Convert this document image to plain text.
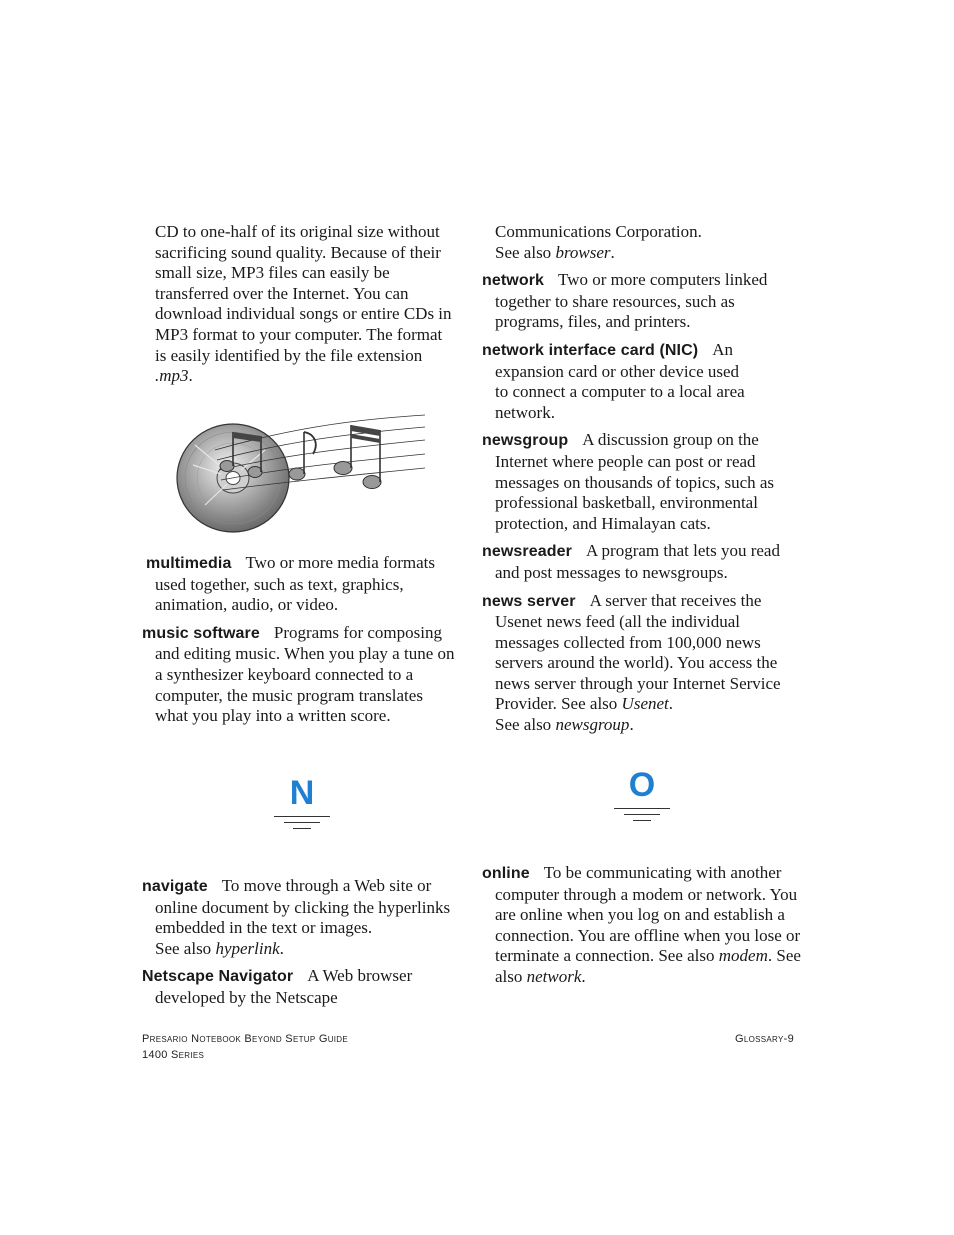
CD to one-half of its original size without sacrificing sound quality. Because of their small size, MP3 files can easily be transferred over the Internet. You can download individual songs or entire CDs in MP3 format to your computer. The format is easily identified by the file extension .mp3.

multimedia Two or more media formats used together, such as text, graphics, animation, audio, or video.

music software Programs for composing and editing music. When you play a tune on a synthesizer keyboard connected to a computer, the music program translates what you play into a written score.

N

navigate To move through a Web site or online document by clicking the hyperlinks embedded in the text or images.
See also hyperlink.

Netscape Navigator A Web browser developed by the Netscape

Communications Corporation.
See also browser.

network Two or more computers linked together to share resources, such as programs, files, and printers.

network interface card (NIC) An expansion card or other device used to connect a computer to a local area network.

newsgroup A discussion group on the Internet where people can post or read messages on thousands of topics, such as professional basketball, environmental protection, and Himalayan cats.

newsreader A program that lets you read and post messages to newsgroups.

news server A server that receives the Usenet news feed (all the individual messages collected from 100,000 news servers around the world). You access the news server through your Internet Service Provider. See also Usenet.
See also newsgroup.

O

online To be communicating with another computer through a modem or network. You are online when you log on and establish a connection. You are offline when you lose or terminate a connection. See also modem. See also network.

Presario Notebook Beyond Setup Guide
1400 Series
Glossary-9
